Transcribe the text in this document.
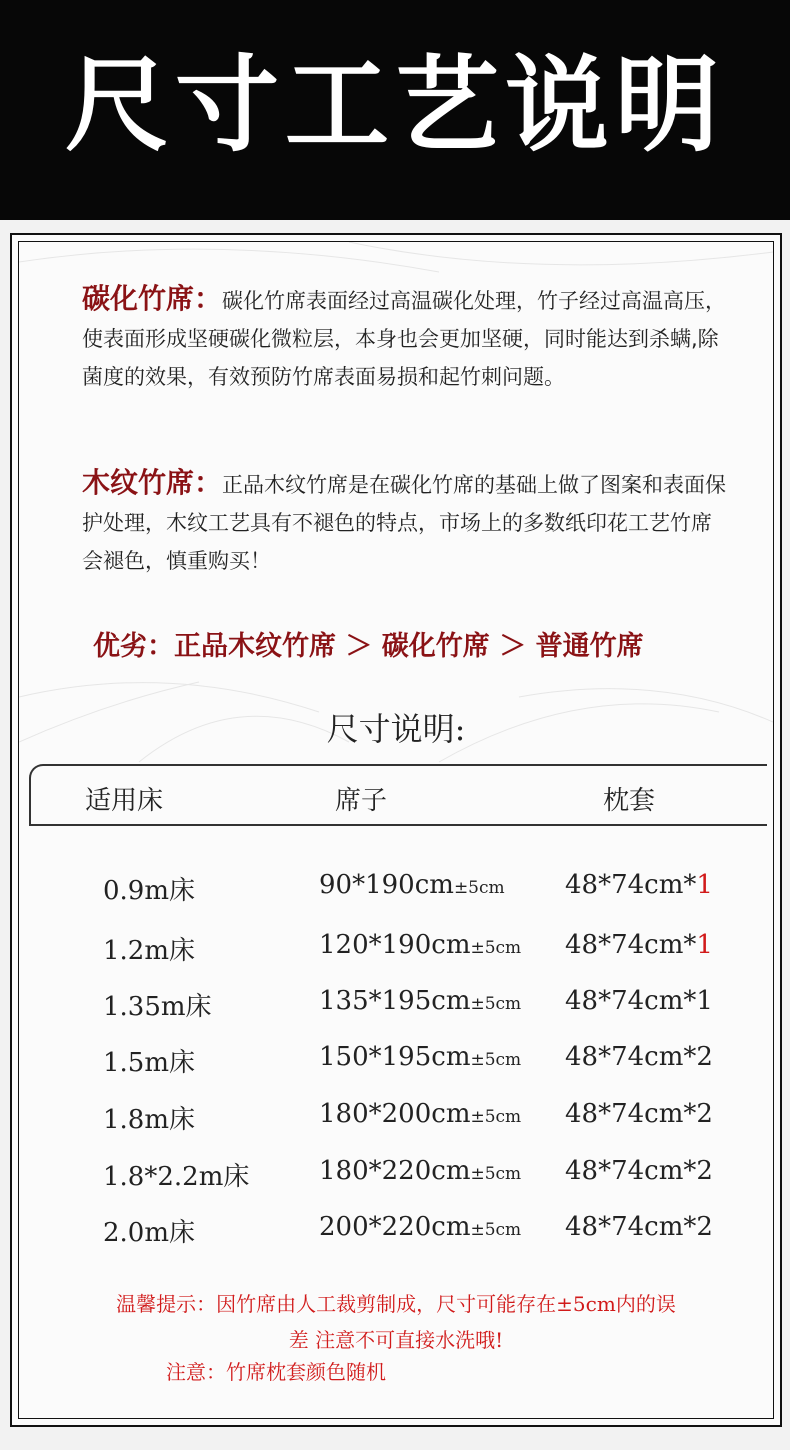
尺寸工艺说明
碳化竹席：碳化竹席表面经过高温碳化处理，竹子经过高温高压，使表面形成坚硬碳化微粒层，本身也会更加坚硬，同时能达到杀螨,除菌度的效果，有效预防竹席表面易损和起竹刺问题。
木纹竹席：正品木纹竹席是在碳化竹席的基础上做了图案和表面保护处理，木纹工艺具有不褪色的特点，市场上的多数纸印花工艺竹席会褪色，慎重购买！
优劣：正品木纹竹席 ＞ 碳化竹席 ＞ 普通竹席
尺寸说明:
适用床	席子	枕套
0.9m床	90*190cm±5cm 48*74cm*1
1.2m床	120*190cm±5cm 48*74cm*1
1.35m床	135*195cm±5cm 48*74cm*1
1.5m床	150*195cm±5cm 48*74cm*2
1.8m床	180*200cm±5cm 48*74cm*2
1.8*2.2m床	180*220cm±5cm 48*74cm*2
2.0m床	200*220cm±5cm 48*74cm*2
温馨提示：因竹席由人工裁剪制成，尺寸可能存在±5cm内的误
差 注意不可直接水洗哦!
注意：竹席枕套颜色随机
